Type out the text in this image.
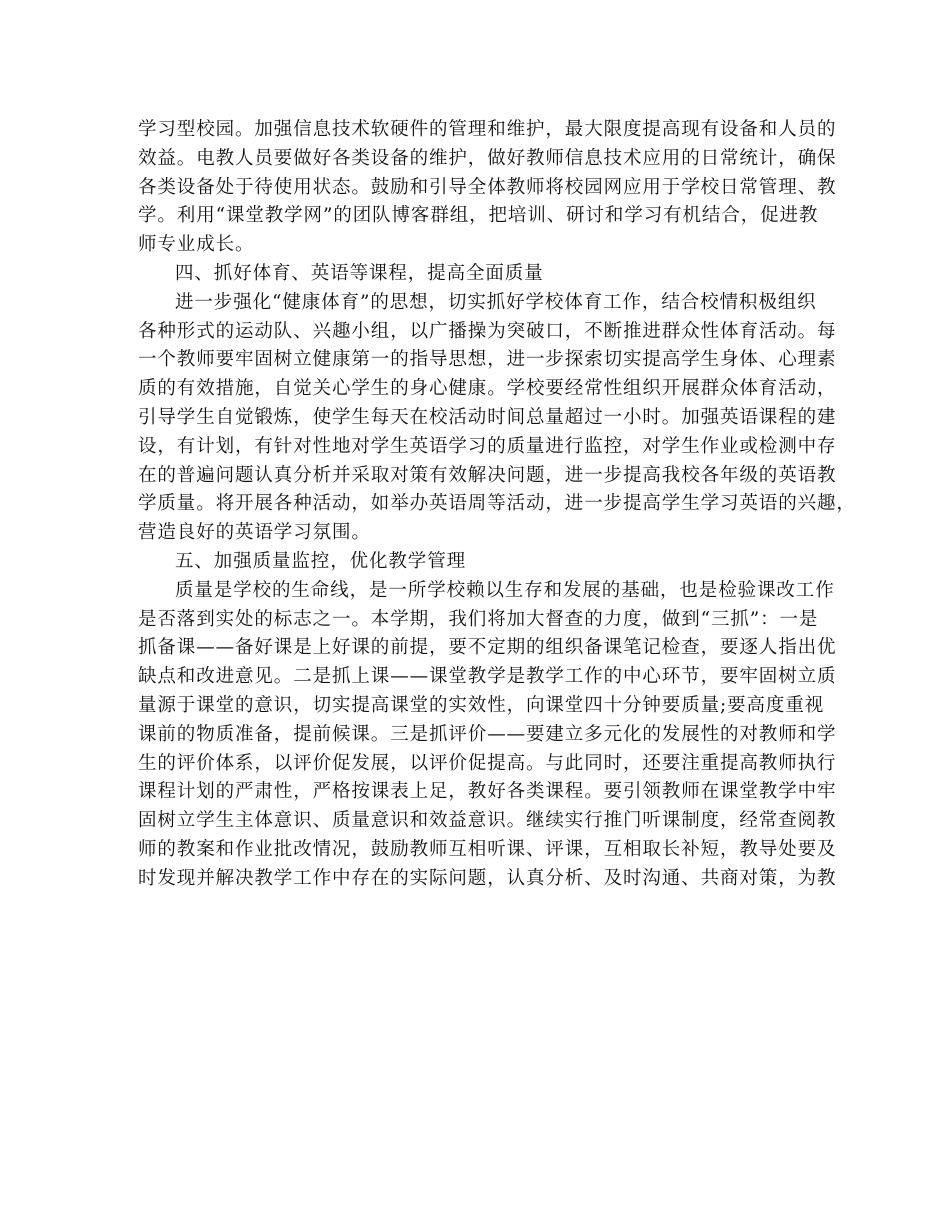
学习型校园。加强信息技术软硬件的管理和维护，最大限度提高现有设备和人员的
效益。电教人员要做好各类设备的维护，做好教师信息技术应用的日常统计，确保
各类设备处于待使用状态。鼓励和引导全体教师将校园网应用于学校日常管理、教
学。利用“课堂教学网”的团队博客群组，把培训、研讨和学习有机结合，促进教
师专业成长。
四、抓好体育、英语等课程，提高全面质量
进一步强化“健康体育”的思想，切实抓好学校体育工作，结合校情积极组织
各种形式的运动队、兴趣小组，以广播操为突破口，不断推进群众性体育活动。每
一个教师要牢固树立健康第一的指导思想，进一步探索切实提高学生身体、心理素
质的有效措施，自觉关心学生的身心健康。学校要经常性组织开展群众体育活动，
引导学生自觉锻炼，使学生每天在校活动时间总量超过一小时。加强英语课程的建
设，有计划，有针对性地对学生英语学习的质量进行监控，对学生作业或检测中存
在的普遍问题认真分析并采取对策有效解决问题，进一步提高我校各年级的英语教
学质量。将开展各种活动，如举办英语周等活动，进一步提高学生学习英语的兴趣，
营造良好的英语学习氛围。
五、加强质量监控，优化教学管理
质量是学校的生命线，是一所学校赖以生存和发展的基础，也是检验课改工作
是否落到实处的标志之一。本学期，我们将加大督查的力度，做到“三抓”：一是
抓备课——备好课是上好课的前提，要不定期的组织备课笔记检查，要逐人指出优
缺点和改进意见。二是抓上课——课堂教学是教学工作的中心环节，要牢固树立质
量源于课堂的意识，切实提高课堂的实效性，向课堂四十分钟要质量;要高度重视
课前的物质准备，提前候课。三是抓评价——要建立多元化的发展性的对教师和学
生的评价体系，以评价促发展，以评价促提高。与此同时，还要注重提高教师执行
课程计划的严肃性，严格按课表上足，教好各类课程。要引领教师在课堂教学中牢
固树立学生主体意识、质量意识和效益意识。继续实行推门听课制度，经常查阅教
师的教案和作业批改情况，鼓励教师互相听课、评课，互相取长补短，教导处要及
时发现并解决教学工作中存在的实际问题，认真分析、及时沟通、共商对策，为教
